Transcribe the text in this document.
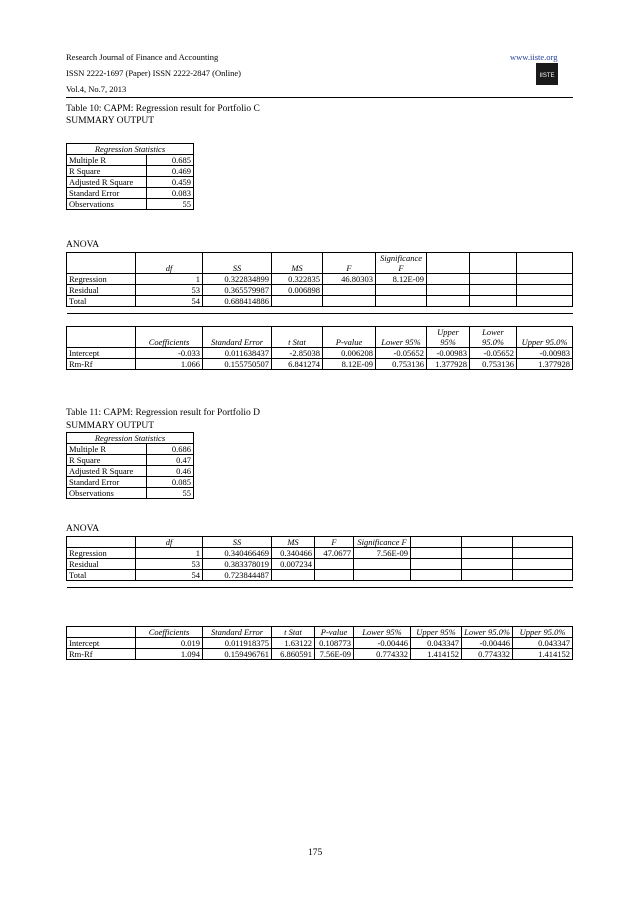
Research Journal of Finance and Accounting
ISSN 2222-1697 (Paper) ISSN 2222-2847 (Online)
Vol.4, No.7, 2013
www.iiste.org
IISTE
Table 10: CAPM: Regression result for Portfolio C
SUMMARY OUTPUT
Regression Statistics	
Multiple R	0.685
R Square	0.469
Adjusted R Square	0.459
Standard Error	0.083
Observations	55
ANOVA
	df	SS	MS	F	Significance F			
Regression	1	0.322834899	0.322835	46.80303	8.12E-09			
Residual	53	0.365579987	0.006898					
Total	54	0.688414886						

	Coefficients	Standard Error	t Stat	P-value	Lower 95%	Upper 95%	Lower 95.0%	Upper 95.0%
Intercept	-0.033	0.011638437	-2.85038	0.006208	-0.05652	-0.00983	-0.05652	-0.00983
Rm-Rf	1.066	0.155750507	6.841274	8.12E-09	0.753136	1.377928	0.753136	1.377928
Table 11: CAPM: Regression result for Portfolio D
SUMMARY OUTPUT
Regression Statistics	
Multiple R	0.686
R Square	0.47
Adjusted R Square	0.46
Standard Error	0.085
Observations	55
ANOVA
	df	SS	MS	F	Significance F			
Regression	1	0.340466469	0.340466	47.0677	7.56E-09			
Residual	53	0.383378019	0.007234					
Total	54	0.723844487						

	Coefficients	Standard Error	t Stat	P-value	Lower 95%	Upper 95%	Lower 95.0%	Upper 95.0%
Intercept	0.019	0.011918375	1.63122	0.108773	-0.00446	0.043347	-0.00446	0.043347
Rm-Rf	1.094	0.159496761	6.860591	7.56E-09	0.774332	1.414152	0.774332	1.414152
175
